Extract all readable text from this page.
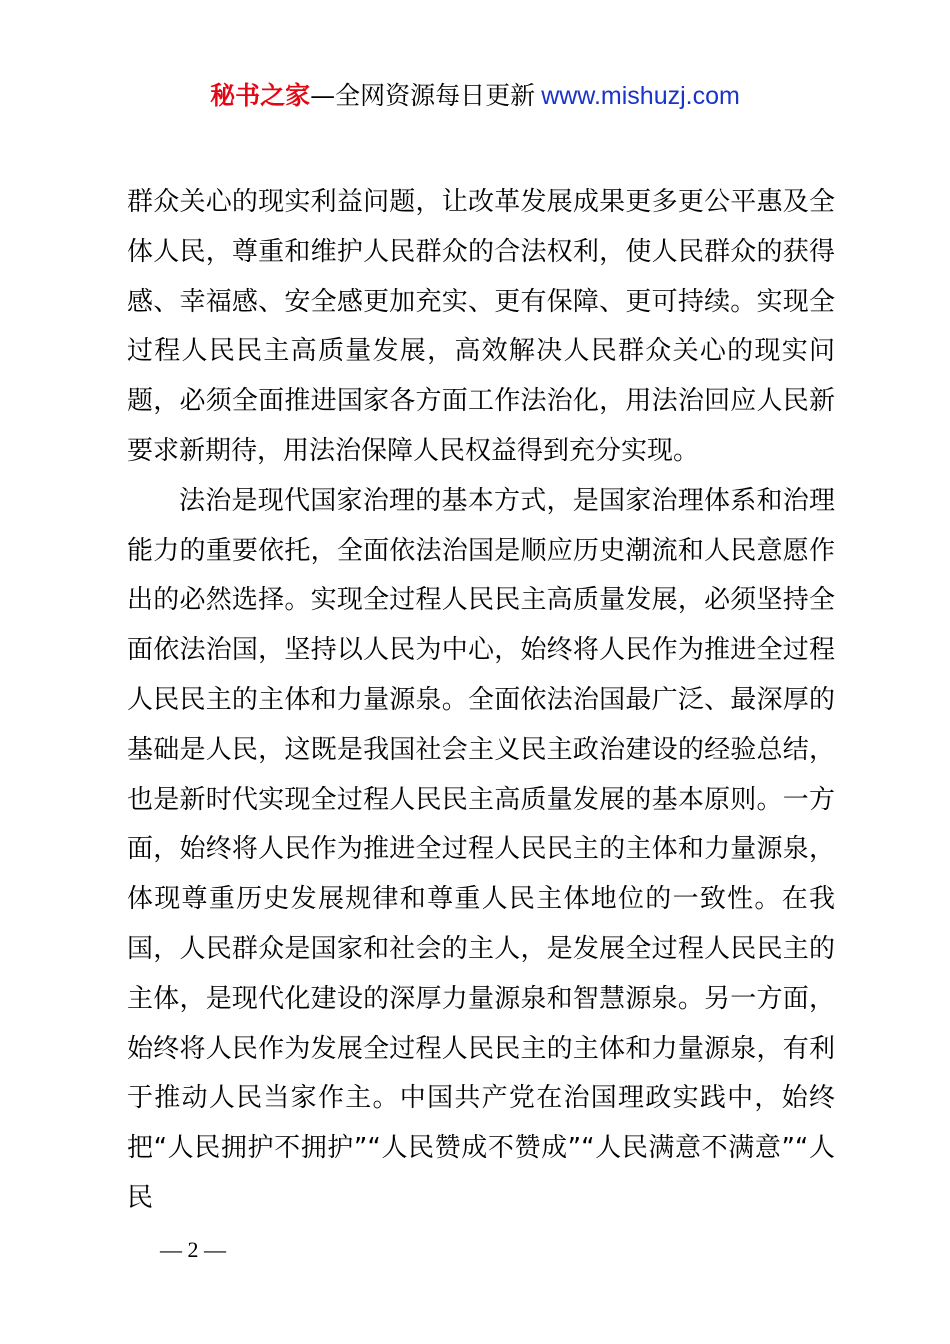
秘书之家—全网资源每日更新 www.mishuzj.com

群众关心的现实利益问题，让改革发展成果更多更公平惠及全体人民，尊重和维护人民群众的合法权利，使人民群众的获得感、幸福感、安全感更加充实、更有保障、更可持续。实现全过程人民民主高质量发展，高效解决人民群众关心的现实问题，必须全面推进国家各方面工作法治化，用法治回应人民新要求新期待，用法治保障人民权益得到充分实现。

法治是现代国家治理的基本方式，是国家治理体系和治理能力的重要依托，全面依法治国是顺应历史潮流和人民意愿作出的必然选择。实现全过程人民民主高质量发展，必须坚持全面依法治国，坚持以人民为中心，始终将人民作为推进全过程人民民主的主体和力量源泉。全面依法治国最广泛、最深厚的基础是人民，这既是我国社会主义民主政治建设的经验总结，也是新时代实现全过程人民民主高质量发展的基本原则。一方面，始终将人民作为推进全过程人民民主的主体和力量源泉，体现尊重历史发展规律和尊重人民主体地位的一致性。在我国，人民群众是国家和社会的主人，是发展全过程人民民主的主体，是现代化建设的深厚力量源泉和智慧源泉。另一方面，始终将人民作为发展全过程人民民主的主体和力量源泉，有利于推动人民当家作主。中国共产党在治国理政实践中，始终把“人民拥护不拥护”“人民赞成不赞成”“人民满意不满意”“人民

— 2 —
